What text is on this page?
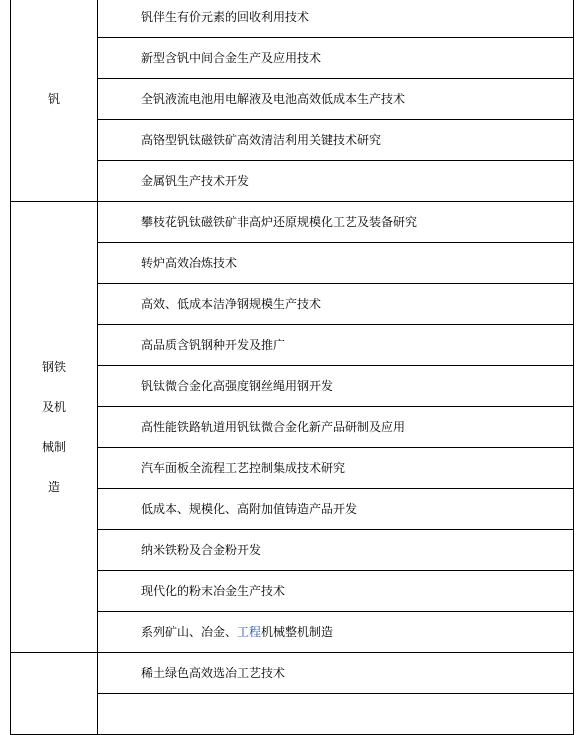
钒	钒伴生有价元素的回收利用技术
	新型含钒中间合金生产及应用技术
	全钒液流电池用电解液及电池高效低成本生产技术
	高铬型钒钛磁铁矿高效清洁利用关键技术研究
	金属钒生产技术开发
钢铁及机械制造	攀枝花钒钛磁铁矿非高炉还原规模化工艺及装备研究
	转炉高效冶炼技术
	高效、低成本洁净钢规模生产技术
	高品质含钒钢种开发及推广
	钒钛微合金化高强度钢丝绳用钢开发
	高性能铁路轨道用钒钛微合金化新产品研制及应用
	汽车面板全流程工艺控制集成技术研究
	低成本、规模化、高附加值铸造产品开发
	纳米铁粉及合金粉开发
	现代化的粉末冶金生产技术
	系列矿山、冶金、工程机械整机制造
	稀土绿色高效选冶工艺技术
